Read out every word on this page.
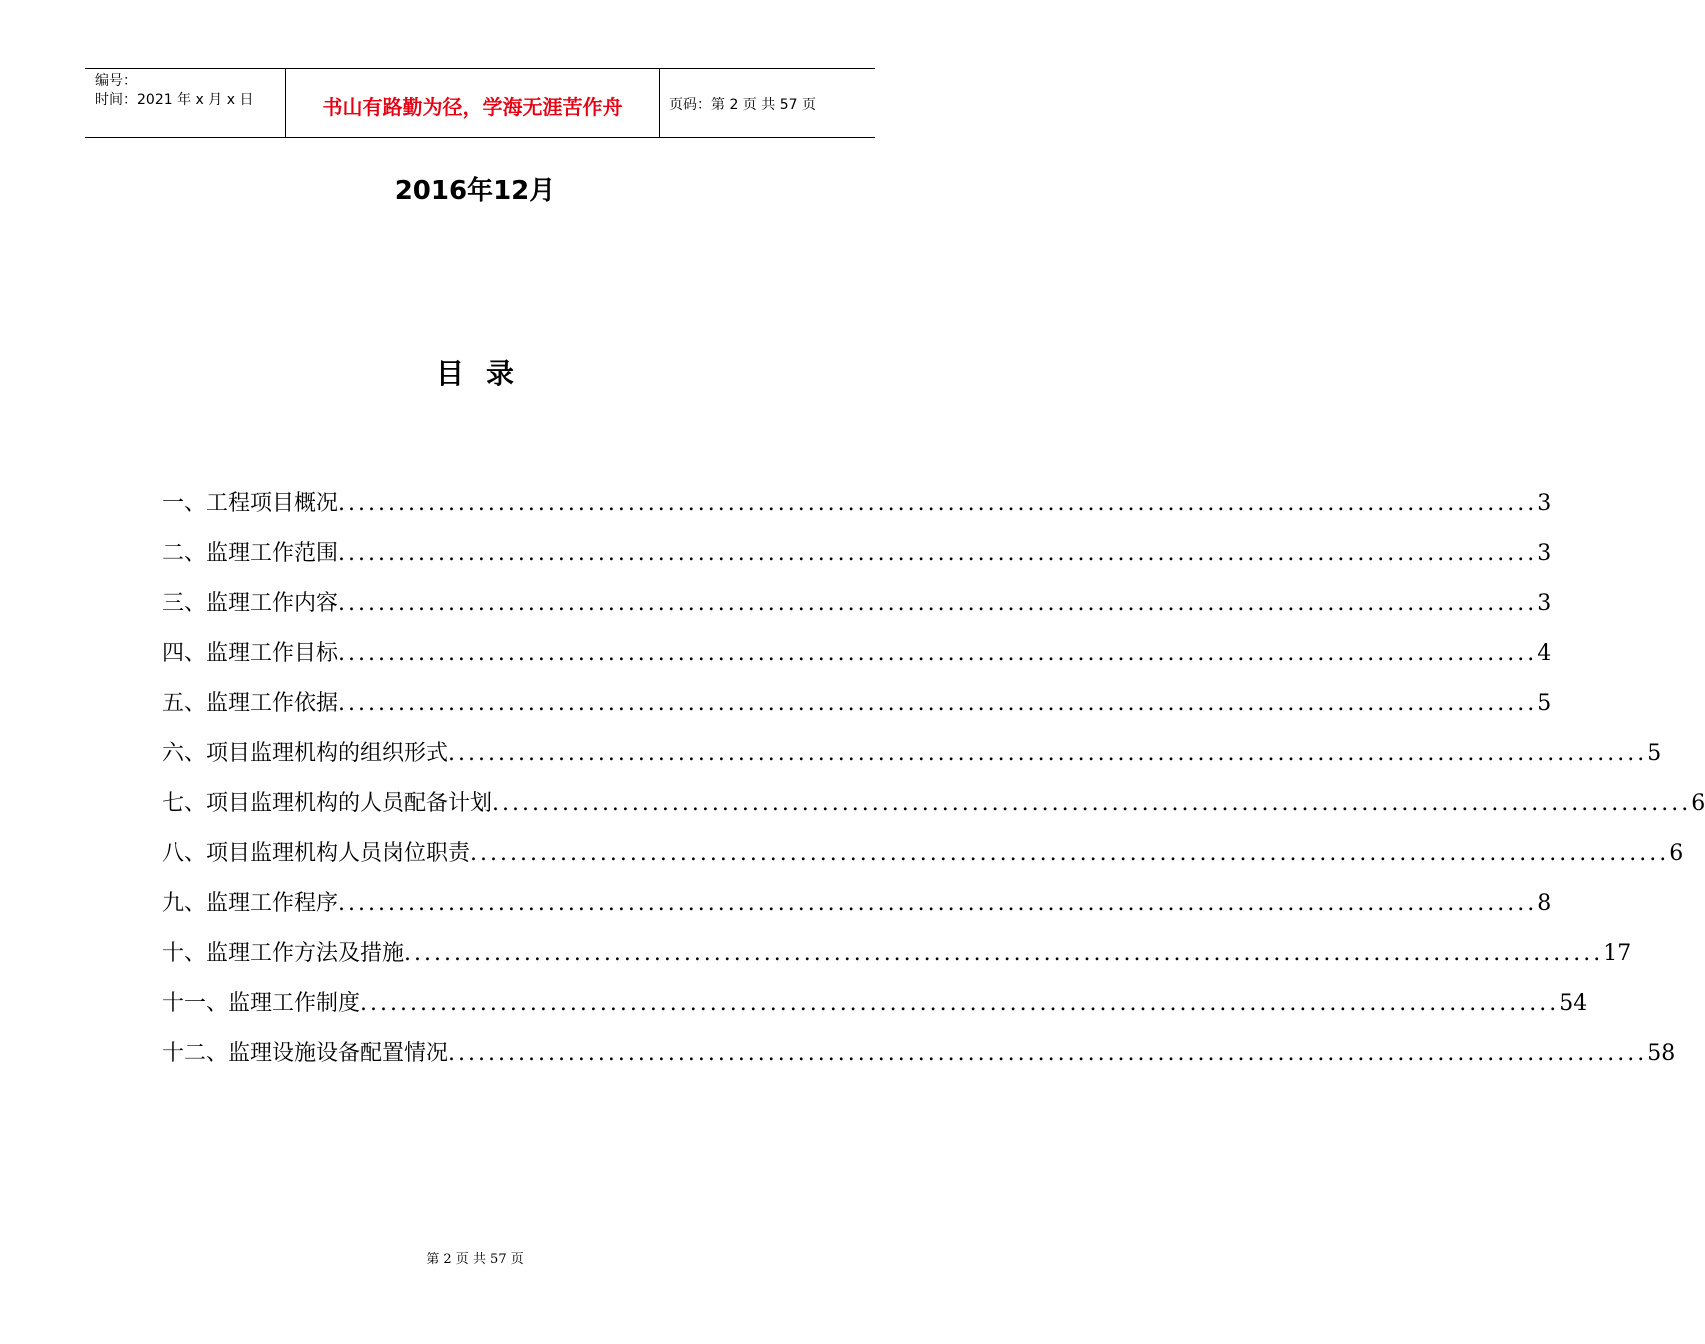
编号：
时间：2021 年 x 月 x 日	书山有路勤为径，学海无涯苦作舟	页码：第 2 页 共 57 页
2016年12月
目录
一、工程项目概况 ........................................................................................................................ 3
二、监理工作范围 ........................................................................................................................ 3
三、监理工作内容 ........................................................................................................................ 3
四、监理工作目标 ........................................................................................................................ 4
五、监理工作依据 ........................................................................................................................ 5
六、项目监理机构的组织形式 ........................................................................................................................ 5
七、项目监理机构的人员配备计划 ........................................................................................................................ 6
八、项目监理机构人员岗位职责 ........................................................................................................................ 6
九、监理工作程序 ........................................................................................................................ 8
十、监理工作方法及措施 ........................................................................................................................ 17
十一、监理工作制度 ........................................................................................................................ 54
十二、监理设施设备配置情况 ........................................................................................................................ 58
第 2 页 共 57 页
